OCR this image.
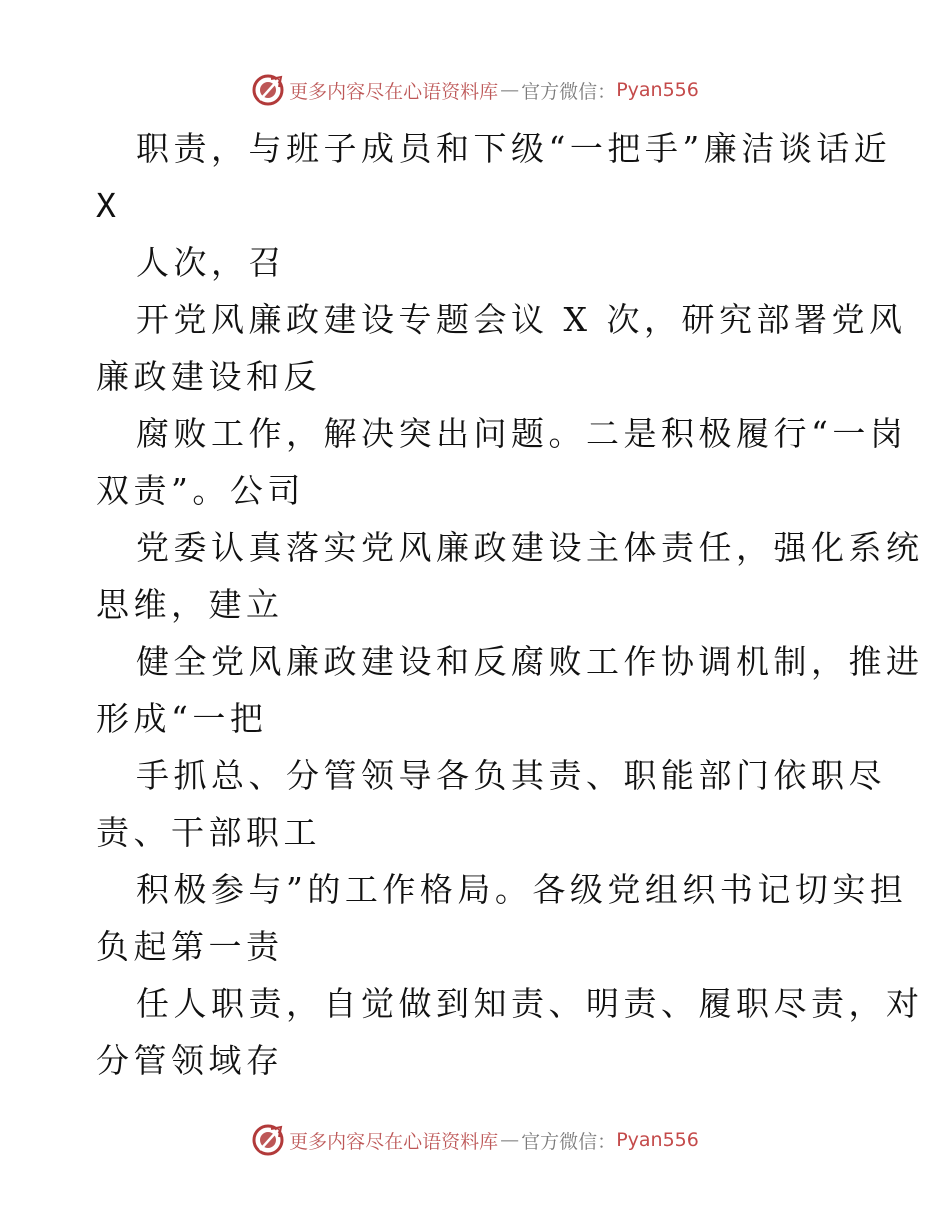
更多内容尽在心语资料库 — 官方微信： Pyan556
职责，与班子成员和下级“一把手”廉洁谈话近
X
人次，召
开党风廉政建设专题会议 X 次，研究部署党风
廉政建设和反
腐败工作，解决突出问题。二是积极履行“一岗
双责”。公司
党委认真落实党风廉政建设主体责任，强化系统
思维，建立
健全党风廉政建设和反腐败工作协调机制，推进
形成“一把
手抓总、分管领导各负其责、职能部门依职尽
责、干部职工
积极参与”的工作格局。各级党组织书记切实担
负起第一责
任人职责，自觉做到知责、明责、履职尽责，对
分管领域存
更多内容尽在心语资料库 — 官方微信： Pyan556
